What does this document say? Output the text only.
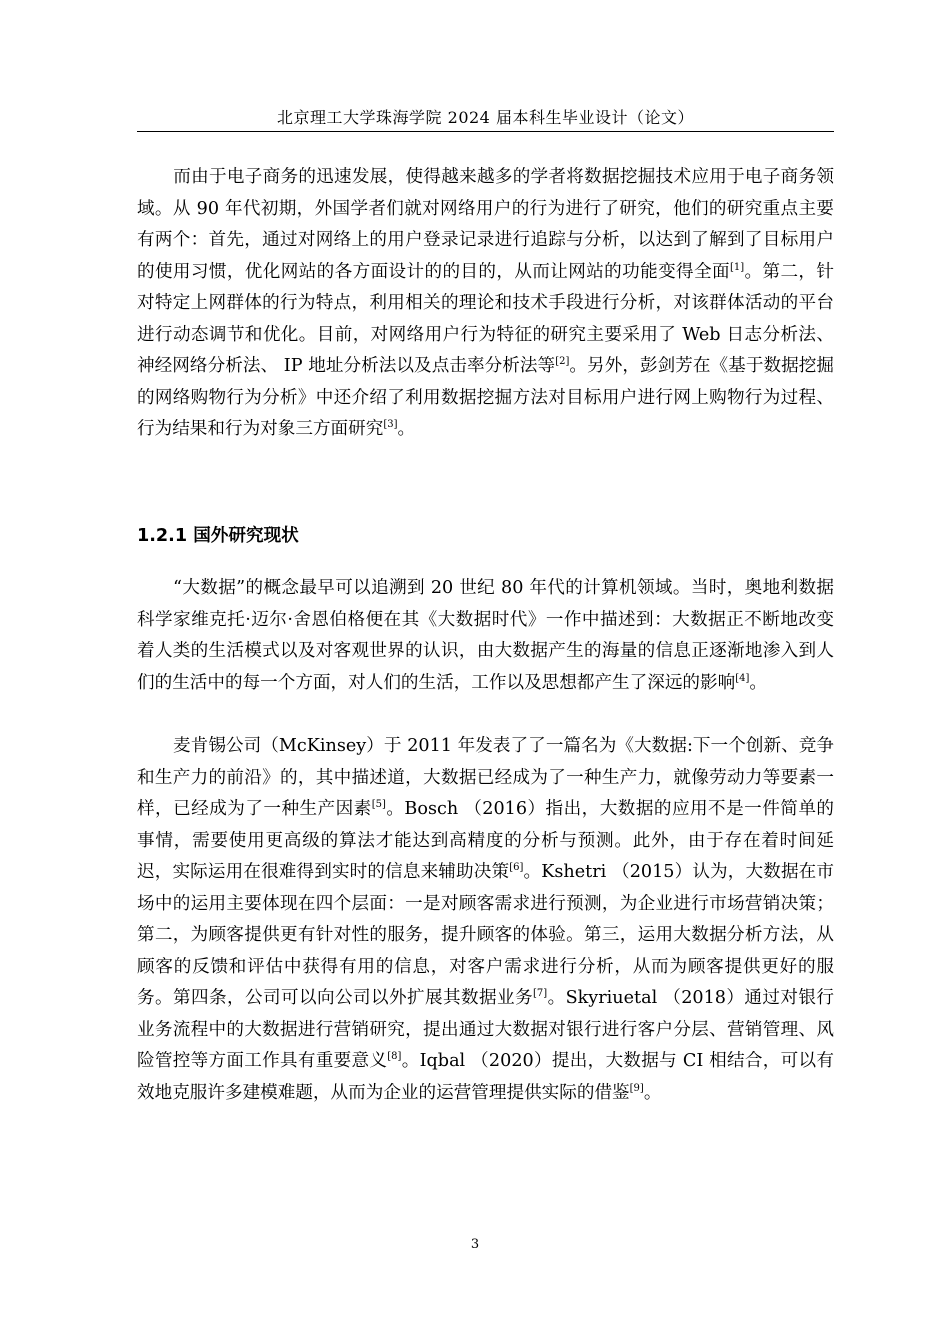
北京理工大学珠海学院 2024 届本科生毕业设计（论文）

而由于电子商务的迅速发展，使得越来越多的学者将数据挖掘技术应用于电子商务领域。从 90 年代初期，外国学者们就对网络用户的行为进行了研究，他们的研究重点主要有两个：首先，通过对网络上的用户登录记录进行追踪与分析，以达到了解到了目标用户的使用习惯，优化网站的各方面设计的的目的，从而让网站的功能变得全面[1]。第二，针对特定上网群体的行为特点，利用相关的理论和技术手段进行分析，对该群体活动的平台进行动态调节和优化。目前，对网络用户行为特征的研究主要采用了 Web 日志分析法、神经网络分析法、 IP 地址分析法以及点击率分析法等[2]。另外，彭剑芳在《基于数据挖掘的网络购物行为分析》中还介绍了利用数据挖掘方法对目标用户进行网上购物行为过程、行为结果和行为对象三方面研究[3]。

1.2.1 国外研究现状

“大数据”的概念最早可以追溯到 20 世纪 80 年代的计算机领域。当时，奥地利数据科学家维克托·迈尔·舍恩伯格便在其《大数据时代》一作中描述到：大数据正不断地改变着人类的生活模式以及对客观世界的认识，由大数据产生的海量的信息正逐渐地渗入到人们的生活中的每一个方面，对人们的生活，工作以及思想都产生了深远的影响[4]。

麦肯锡公司（McKinsey）于 2011 年发表了了一篇名为《大数据:下一个创新、竞争和生产力的前沿》的，其中描述道，大数据已经成为了一种生产力，就像劳动力等要素一样，已经成为了一种生产因素[5]。Bosch （2016）指出，大数据的应用不是一件简单的事情，需要使用更高级的算法才能达到高精度的分析与预测。此外，由于存在着时间延迟，实际运用在很难得到实时的信息来辅助决策[6]。Kshetri （2015）认为，大数据在市场中的运用主要体现在四个层面：一是对顾客需求进行预测，为企业进行市场营销决策；第二，为顾客提供更有针对性的服务，提升顾客的体验。第三，运用大数据分析方法，从顾客的反馈和评估中获得有用的信息，对客户需求进行分析，从而为顾客提供更好的服务。第四条，公司可以向公司以外扩展其数据业务[7]。Skyriuetal （2018）通过对银行业务流程中的大数据进行营销研究，提出通过大数据对银行进行客户分层、营销管理、风险管控等方面工作具有重要意义[8]。Iqbal （2020）提出，大数据与 CI 相结合，可以有效地克服许多建模难题，从而为企业的运营管理提供实际的借鉴[9]。

3
